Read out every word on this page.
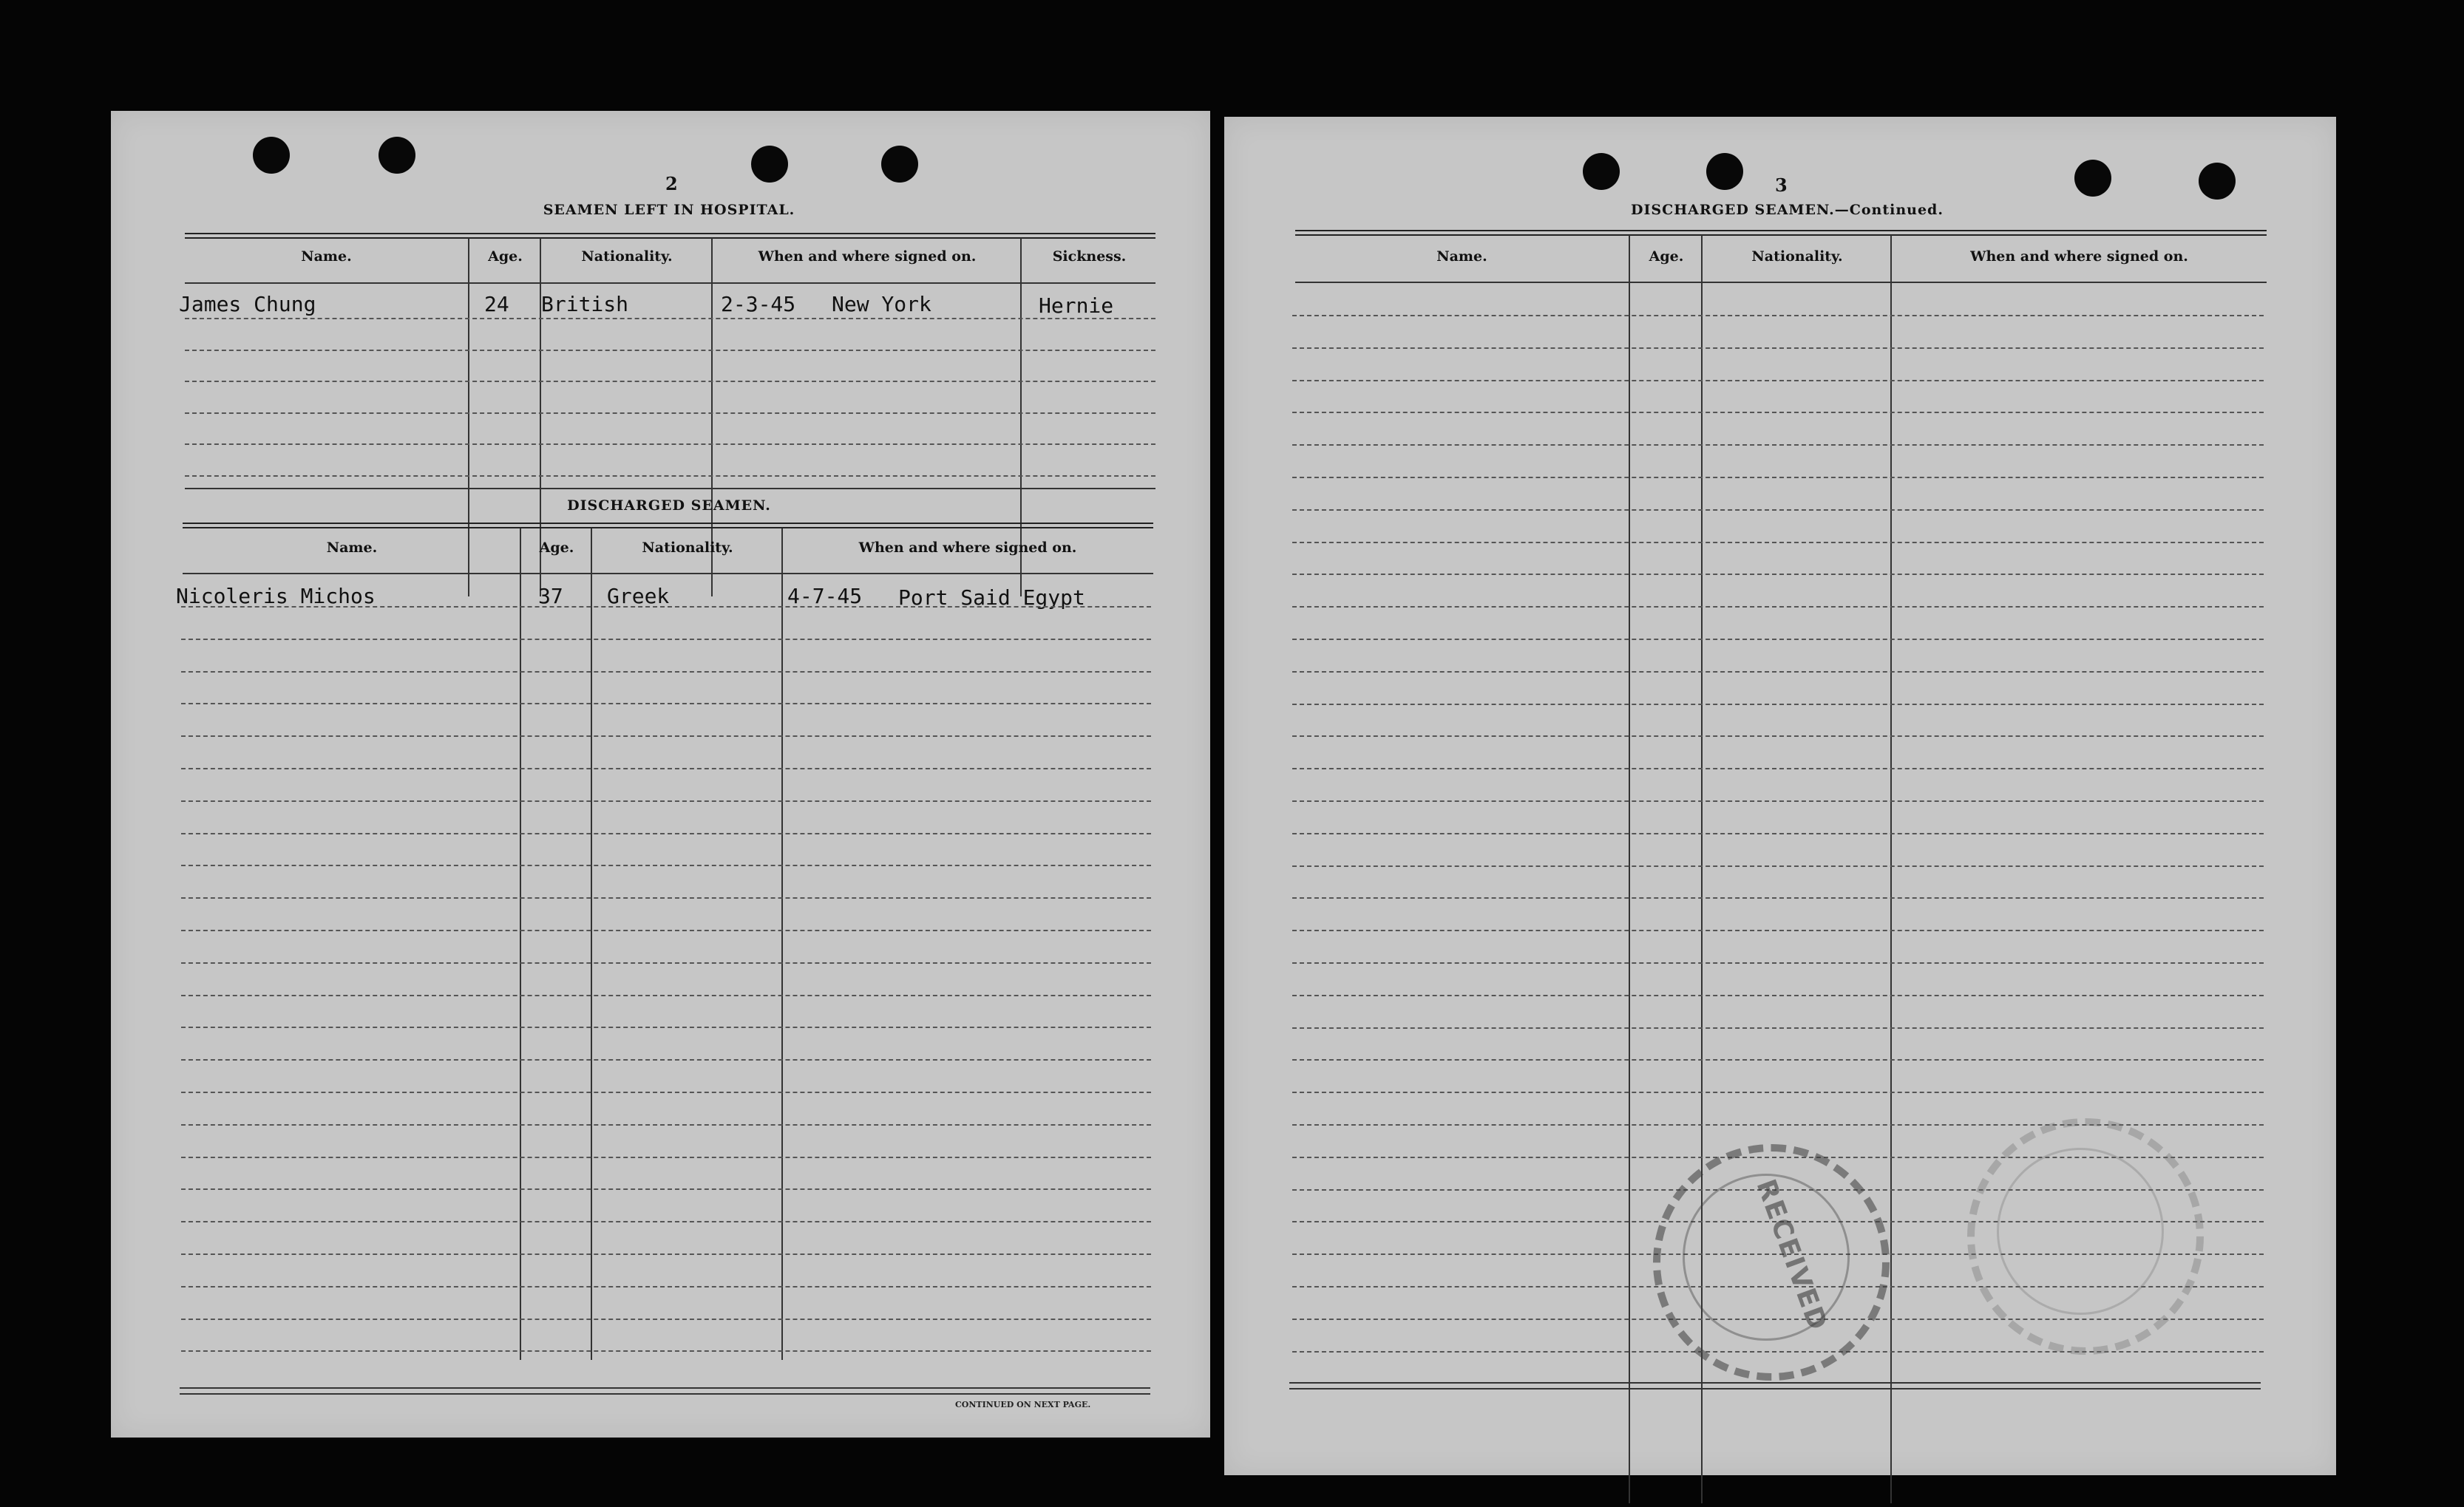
2
SEAMEN LEFT IN HOSPITAL.
Name.	Age.	Nationality.	When and where signed on.	Sickness.
James Chung	24 British	2-3-45 New York	Hernie
DISCHARGED SEAMEN.
Name.	Age.	Nationality.	When and where signed on.
Nicoleris Michos	37 Greek	4-7-45 Port Said Egypt
CONTINUED ON NEXT PAGE.
3
DISCHARGED SEAMEN.—Continued.
Name.	Age.	Nationality.	When and where signed on.
RECEIVED
